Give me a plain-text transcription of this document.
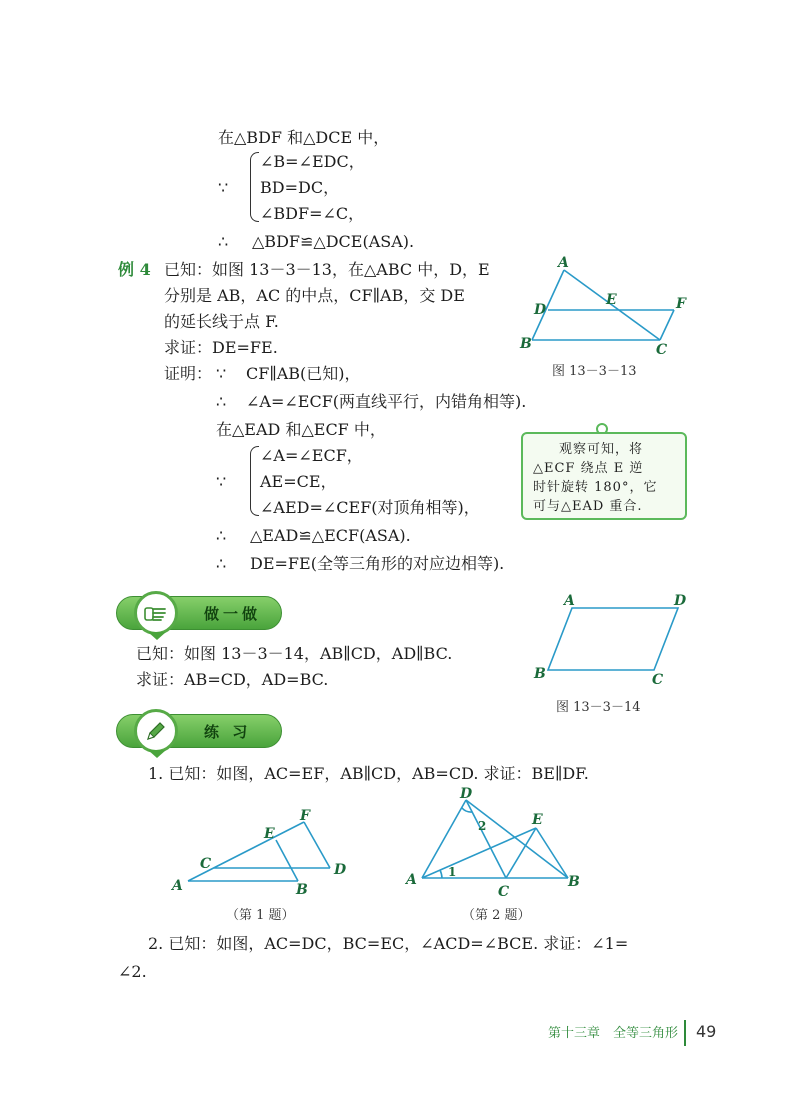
在△BDF 和△DCE 中，
∵
∠B=∠EDC，
BD=DC，
∠BDF=∠C，
∴ △BDF≌△DCE(ASA).
例 4 已知：如图 13－3－13，在△ABC 中，D，E
分别是 AB，AC 的中点，CF∥AB，交 DE
的延长线于点 F.
求证：DE=FE.
证明： ∵ CF∥AB(已知)，
∴ ∠A=∠ECF(两直线平行，内错角相等).
在△EAD 和△ECF 中，
∵
∠A=∠ECF，
AE=CE，
∠AED=∠CEF(对顶角相等)，
∴ △EAD≌△ECF(ASA).
∴ DE=FE(全等三角形的对应边相等).
A
B	C
D
E	F
图 13－3－13
观察可知，将
△ECF 绕点 E 逆
时针旋转 180°，它
可与△EAD 重合.
做一做
已知：如图 13－3－14，AB∥CD，AD∥BC.
求证：AB=CD，AD=BC.
A	D
B	C
图 13－3－14
练 习
1. 已知：如图，AC=EF，AB∥CD，AB=CD. 求证：BE∥DF.
A	B
C	D
E
F
（第 1 题）
D
A
C
B
E
1
2
（第 2 题）
2. 已知：如图，AC=DC，BC=EC，∠ACD=∠BCE. 求证：∠1=
∠2.
第十三章　全等三角形 49
